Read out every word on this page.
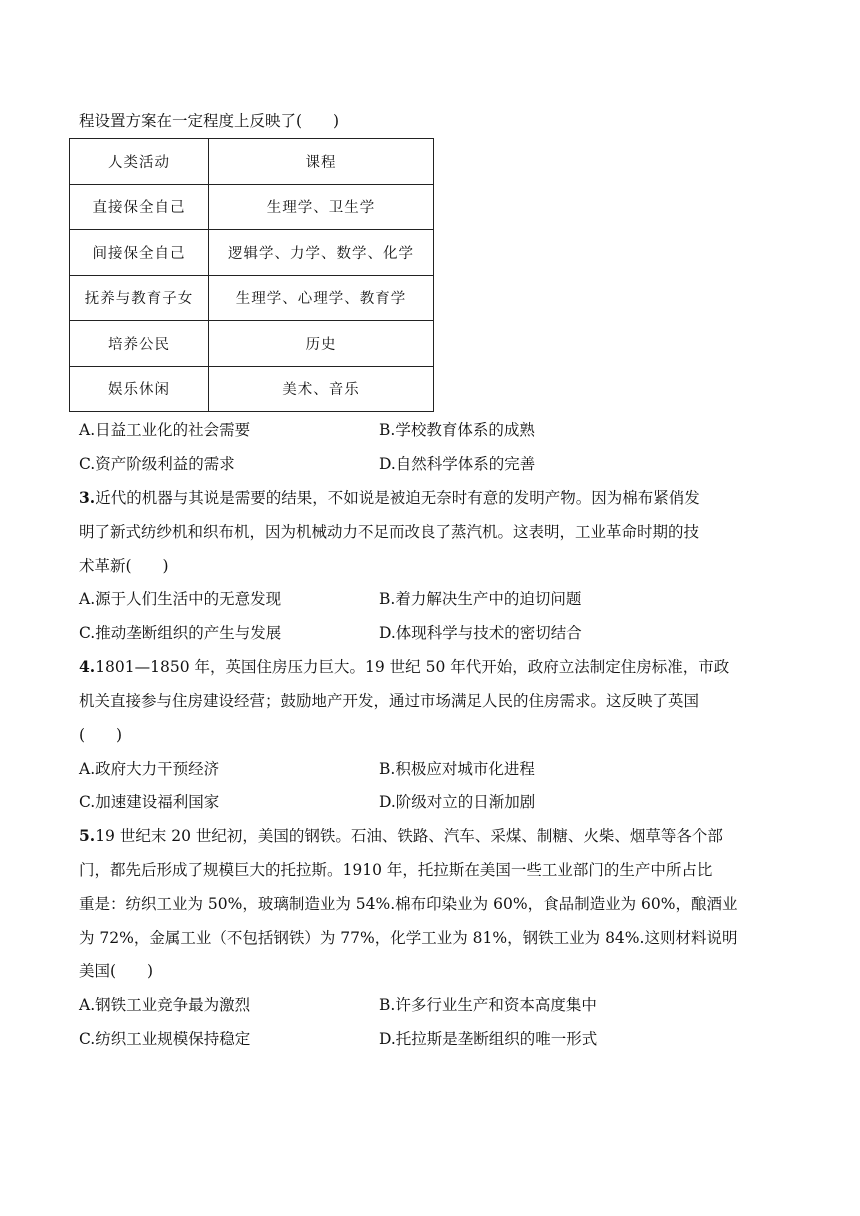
程设置方案在一定程度上反映了(　　)
人类活动	课程
直接保全自己	生理学、卫生学
间接保全自己	逻辑学、力学、数学、化学
抚养与教育子女	生理学、心理学、教育学
培养公民	历史
娱乐休闲	美术、音乐
A.日益工业化的社会需要	B.学校教育体系的成熟
C.资产阶级利益的需求	D.自然科学体系的完善
3.近代的机器与其说是需要的结果，不如说是被迫无奈时有意的发明产物。因为棉布紧俏发
明了新式纺纱机和织布机，因为机械动力不足而改良了蒸汽机。这表明，工业革命时期的技
术革新(　　)
A.源于人们生活中的无意发现	B.着力解决生产中的迫切问题
C.推动垄断组织的产生与发展	D.体现科学与技术的密切结合
4.1801—1850 年，英国住房压力巨大。19 世纪 50 年代开始，政府立法制定住房标准，市政
机关直接参与住房建设经营；鼓励地产开发，通过市场满足人民的住房需求。这反映了英国
(　　)
A.政府大力干预经济	B.积极应对城市化进程
C.加速建设福利国家	D.阶级对立的日渐加剧
5.19 世纪末 20 世纪初，美国的钢铁。石油、铁路、汽车、采煤、制糖、火柴、烟草等各个部
门，都先后形成了规模巨大的托拉斯。1910 年，托拉斯在美国一些工业部门的生产中所占比
重是：纺织工业为 50%，玻璃制造业为 54%.棉布印染业为 60%，食品制造业为 60%，酿酒业
为 72%，金属工业（不包括钢铁）为 77%，化学工业为 81%，钢铁工业为 84%.这则材料说明
美国(　　)
A.钢铁工业竞争最为激烈	B.许多行业生产和资本高度集中
C.纺织工业规模保持稳定	D.托拉斯是垄断组织的唯一形式
